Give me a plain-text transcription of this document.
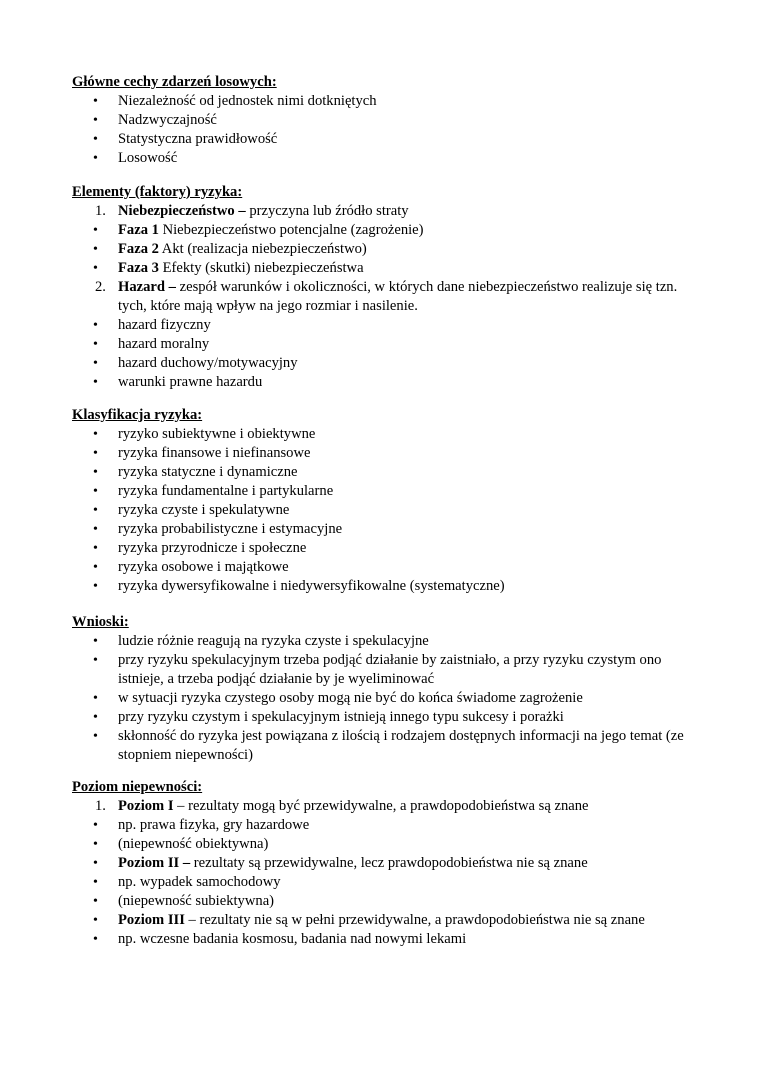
Główne cechy zdarzeń losowych:
• Niezależność od jednostek nimi dotkniętych
• Nadzwyczajność
• Statystyczna prawidłowość
• Losowość
Elementy (faktory) ryzyka:
1. Niebezpieczeństwo – przyczyna lub źródło straty
• Faza 1 Niebezpieczeństwo potencjalne (zagrożenie)
• Faza 2 Akt (realizacja niebezpieczeństwo)
• Faza 3 Efekty (skutki) niebezpieczeństwa
2. Hazard – zespół warunków i okoliczności, w których dane niebezpieczeństwo realizuje się tzn. tych, które mają wpływ na jego rozmiar i nasilenie.
• hazard fizyczny
• hazard moralny
• hazard duchowy/motywacyjny
• warunki prawne hazardu
Klasyfikacja ryzyka:
• ryzyko subiektywne i obiektywne
• ryzyka finansowe i niefinansowe
• ryzyka statyczne i dynamiczne
• ryzyka fundamentalne i partykularne
• ryzyka czyste i spekulatywne
• ryzyka probabilistyczne i estymacyjne
• ryzyka przyrodnicze i społeczne
• ryzyka osobowe i majątkowe
• ryzyka dywersyfikowalne i niedywersyfikowalne (systematyczne)
Wnioski:
• ludzie różnie reagują na ryzyka czyste i spekulacyjne
• przy ryzyku spekulacyjnym trzeba podjąć działanie by zaistniało, a przy ryzyku czystym ono istnieje, a trzeba podjąć działanie by je wyeliminować
• w sytuacji ryzyka czystego osoby mogą nie być do końca świadome zagrożenie
• przy ryzyku czystym i spekulacyjnym istnieją innego typu sukcesy i porażki
• skłonność do ryzyka jest powiązana z ilością i rodzajem dostępnych informacji na jego temat (ze stopniem niepewności)
Poziom niepewności:
1. Poziom I – rezultaty mogą być przewidywalne, a prawdopodobieństwa są znane
• np. prawa fizyka, gry hazardowe
• (niepewność obiektywna)
• Poziom II – rezultaty są przewidywalne, lecz prawdopodobieństwa nie są znane
• np. wypadek samochodowy
• (niepewność subiektywna)
• Poziom III – rezultaty nie są w pełni przewidywalne, a prawdopodobieństwa nie są znane
• np. wczesne badania kosmosu, badania nad nowymi lekami
